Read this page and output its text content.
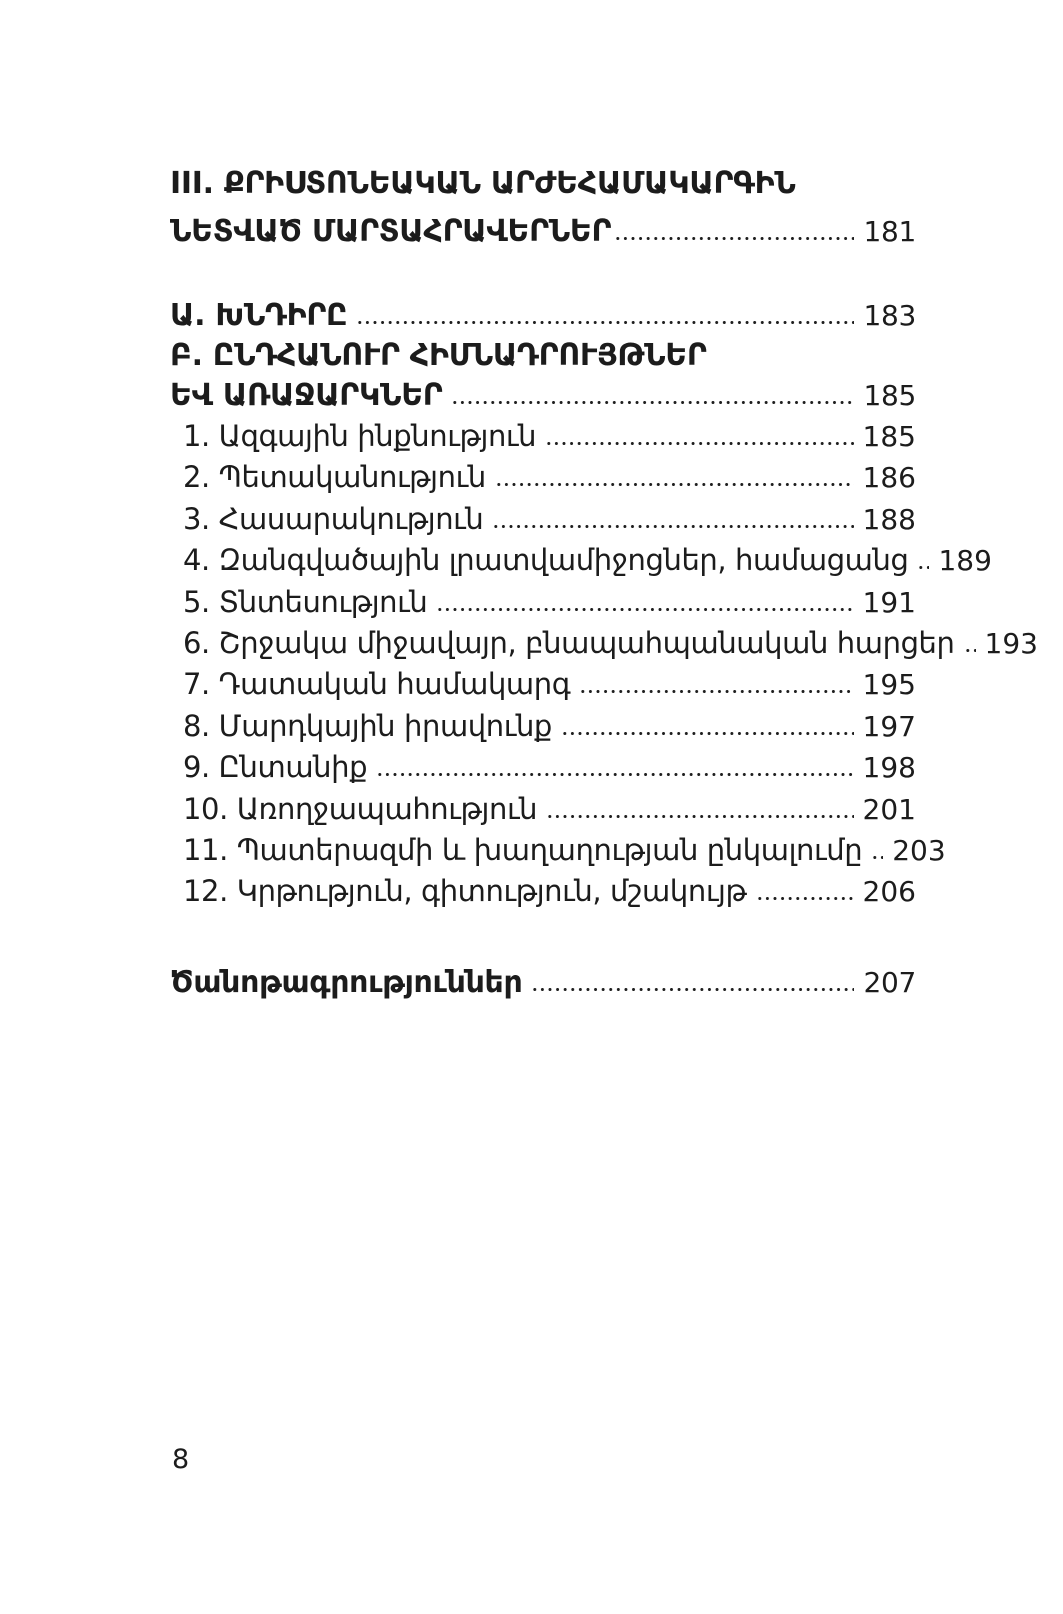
III. ՔՐԻՍՏՈՆԵԱԿԱՆ ԱՐԺԵՀԱՄԱԿԱՐԳԻՆ
ՆԵՏՎԱԾ ՄԱՐՏԱՀՐԱՎԵՐՆԵՐ	181
Ա. ԽՆԴԻՐԸ	183
Բ. ԸՆԴՀԱՆՈՒՐ ՀԻՄՆԱԴՐՈՒՅԹՆԵՐ
ԵՎ ԱՌԱՋԱՐԿՆԵՐ	185
1. Ազգային ինքնություն	185
2. Պետականություն	186
3. Հասարակություն	188
4. Զանգվածային լրատվամիջոցներ, համացանց 189
5. Տնտեսություն	191
6. Շրջակա միջավայր, բնապահպանական հարցեր 193
7. Դատական համակարգ	195
8. Մարդկային իրավունք	197
9. Ընտանիք	198
10. Առողջապահություն	201
11. Պատերազմի և խաղաղության ընկալումը 203
12. Կրթություն, գիտություն, մշակույթ	206
Ծանոթագրություններ	207
8
